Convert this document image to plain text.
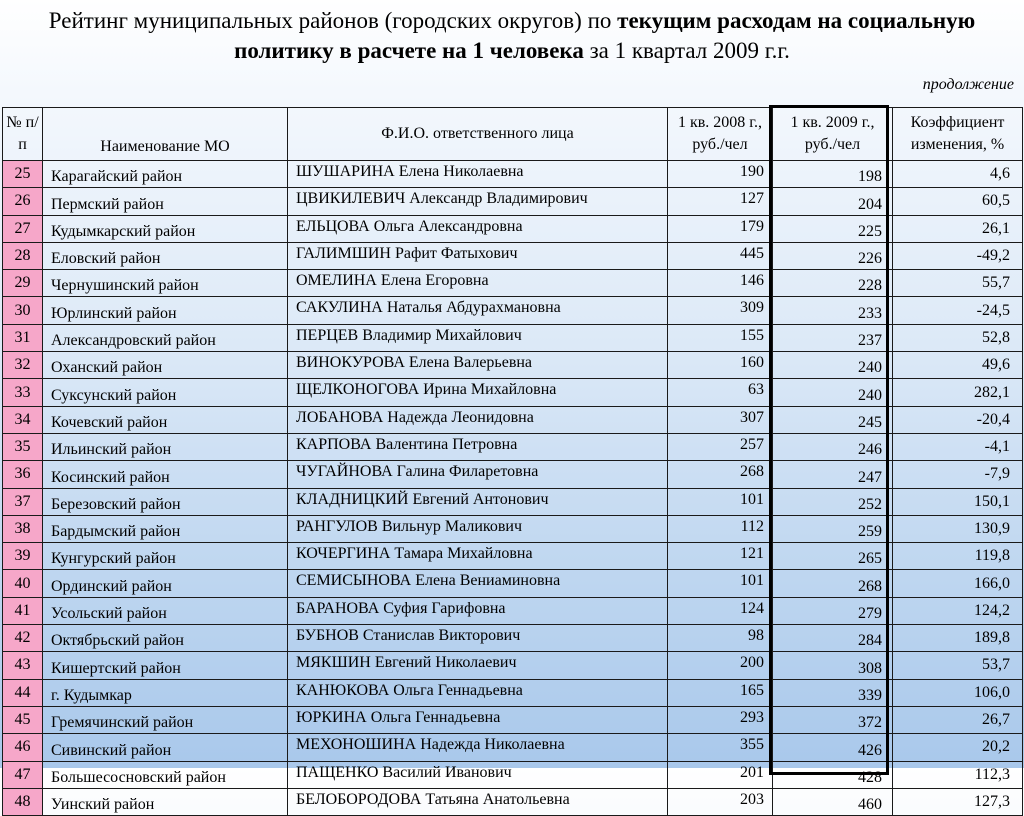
Рейтинг муниципальных районов (городских округов) по текущим расходам на социальную политику в расчете на 1 человека за 1 квартал 2009 г.г.
продолжение
№ п/п	Наименование МО	Ф.И.О. ответственного лица	1 кв. 2008 г., руб./чел	1 кв. 2009 г., руб./чел	Коэффициент изменения, %
25	Карагайский район	ШУШАРИНА Елена Николаевна	190	198	4,6
26	Пермский район	ЦВИКИЛЕВИЧ Александр Владимирович	127	204	60,5
27	Кудымкарский район	ЕЛЬЦОВА Ольга Александровна	179	225	26,1
28	Еловский район	ГАЛИМШИН Рафит Фатыхович	445	226	-49,2
29	Чернушинский район	ОМЕЛИНА Елена Егоровна	146	228	55,7
30	Юрлинский район	САКУЛИНА Наталья Абдурахмановна	309	233	-24,5
31	Александровский район	ПЕРЦЕВ Владимир Михайлович	155	237	52,8
32	Оханский район	ВИНОКУРОВА Елена Валерьевна	160	240	49,6
33	Суксунский район	ЩЕЛКОНОГОВА Ирина Михайловна	63	240	282,1
34	Кочевский район	ЛОБАНОВА Надежда Леонидовна	307	245	-20,4
35	Ильинский район	КАРПОВА Валентина Петровна	257	246	-4,1
36	Косинский район	ЧУГАЙНОВА Галина Филаретовна	268	247	-7,9
37	Березовский район	КЛАДНИЦКИЙ Евгений Антонович	101	252	150,1
38	Бардымский район	РАНГУЛОВ Вильнур Маликович	112	259	130,9
39	Кунгурский район	КОЧЕРГИНА Тамара Михайловна	121	265	119,8
40	Ординский район	СЕМИСЫНОВА Елена Вениаминовна	101	268	166,0
41	Усольский район	БАРАНОВА Суфия Гарифовна	124	279	124,2
42	Октябрьский район	БУБНОВ Станислав Викторович	98	284	189,8
43	Кишертский район	МЯКШИН Евгений Николаевич	200	308	53,7
44	г. Кудымкар	КАНЮКОВА Ольга Геннадьевна	165	339	106,0
45	Гремячинский район	ЮРКИНА Ольга Геннадьевна	293	372	26,7
46	Сивинский район	МЕХОНОШИНА Надежда Николаевна	355	426	20,2
47	Большесосновский район	ПАЩЕНКО Василий Иванович	201	428	112,3
48	Уинский район	БЕЛОБОРОДОВА Татьяна Анатольевна	203	460	127,3
